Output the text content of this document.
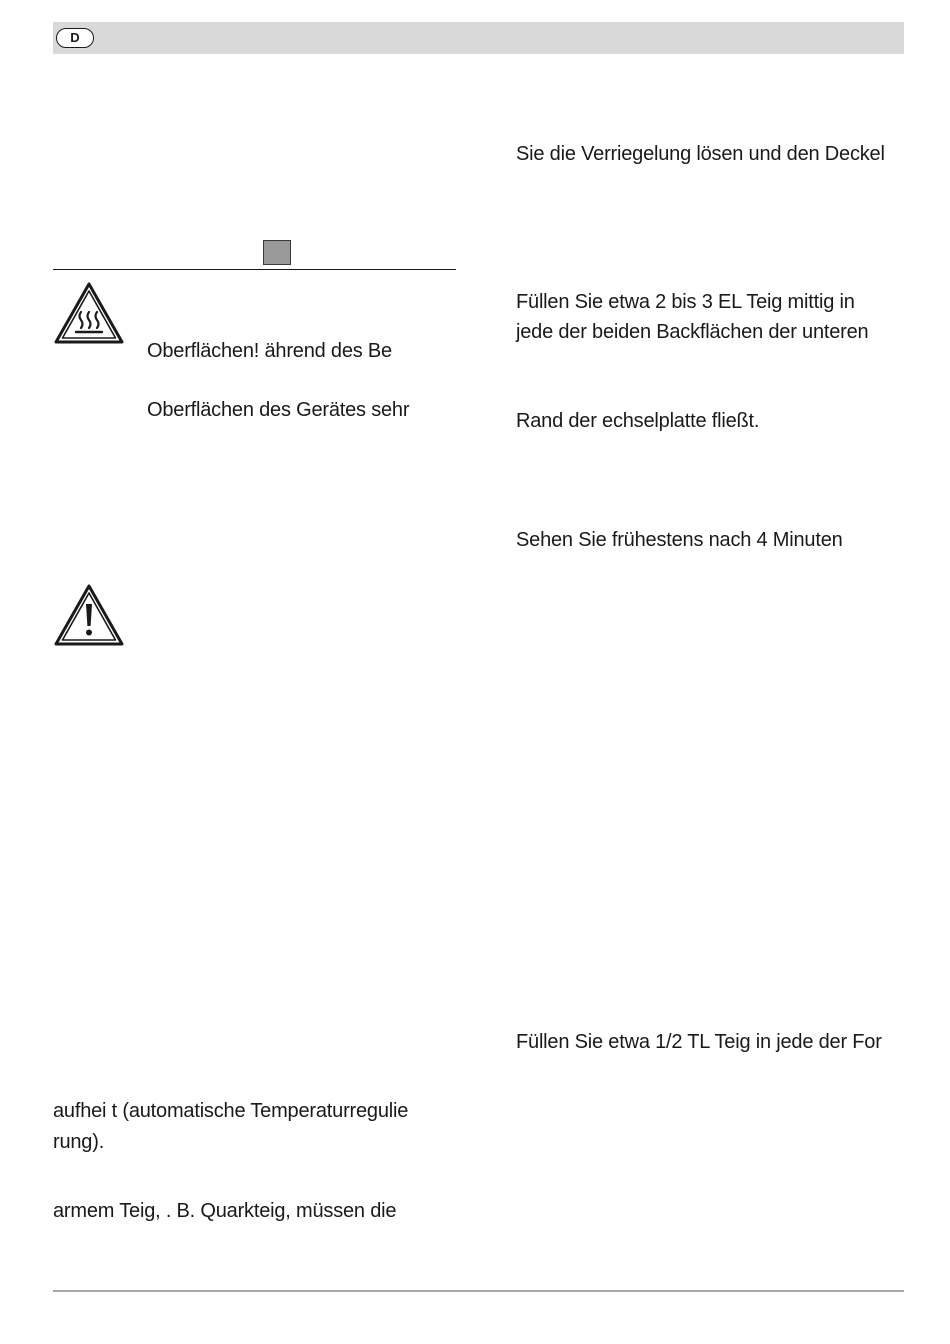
D
Oberflächen! ährend des Be
Oberflächen des Gerätes sehr
aufhei t (automatische Temperaturregulie
rung).
armem Teig, . B. Quarkteig, müssen die
Sie die Verriegelung lösen und den Deckel
Füllen Sie etwa 2 bis 3 EL Teig mittig in
jede der beiden Backflächen der unteren
Rand der echselplatte fließt.
Sehen Sie frühestens nach 4 Minuten
Füllen Sie etwa 1/2 TL Teig in jede der For
